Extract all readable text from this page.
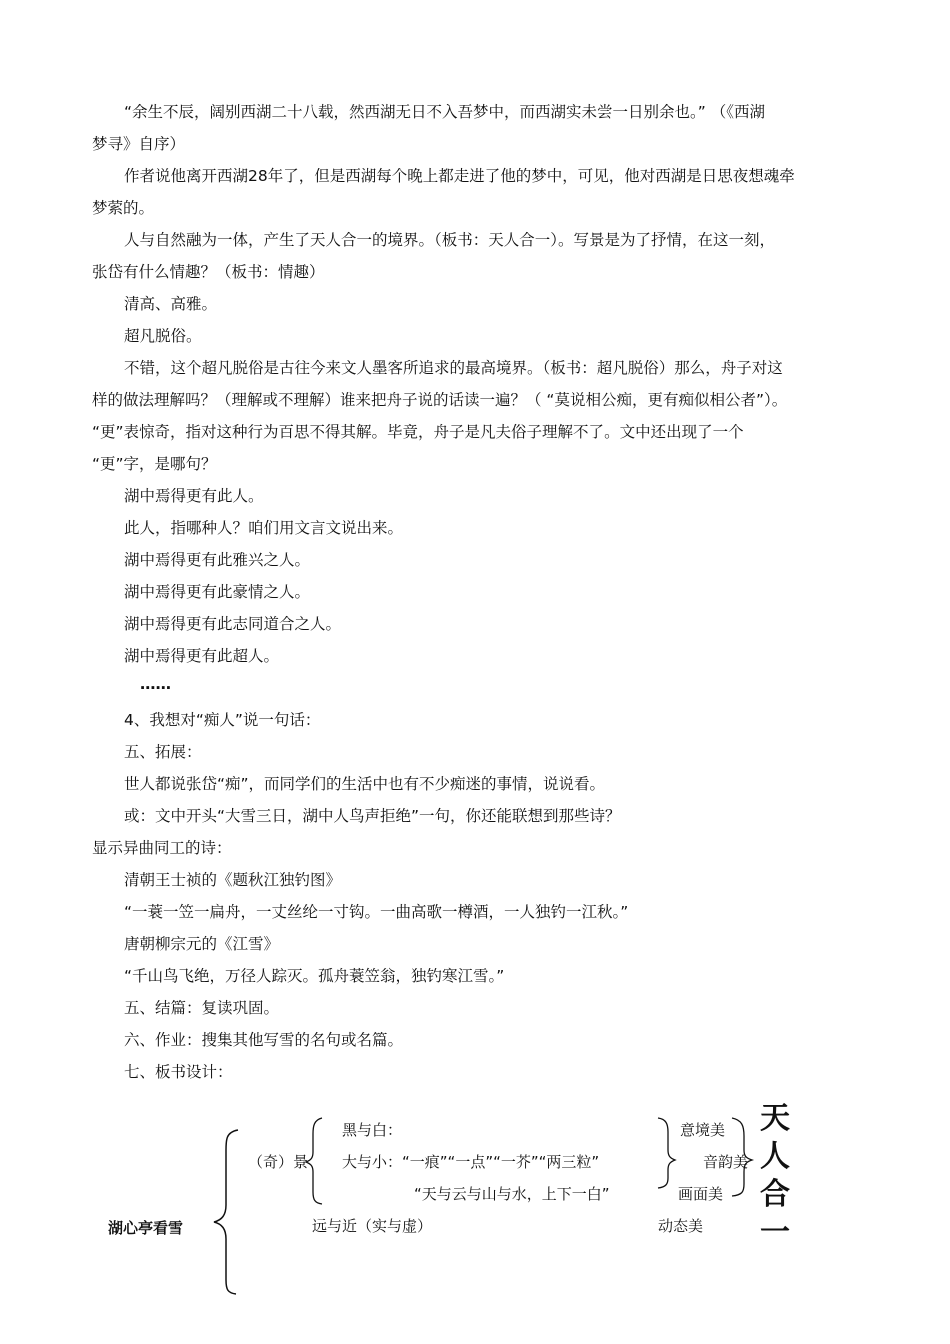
“余生不辰，阔别西湖二十八载，然西湖无日不入吾梦中，而西湖实未尝一日别余也。” （《西湖
梦寻》自序）
作者说他离开西湖28年了，但是西湖每个晚上都走进了他的梦中，可见，他对西湖是日思夜想魂牵
梦萦的。
人与自然融为一体，产生了天人合一的境界。（板书：天人合一）。写景是为了抒情，在这一刻，
张岱有什么情趣？（板书：情趣）
清高、高雅。
超凡脱俗。
不错，这个超凡脱俗是古往今来文人墨客所追求的最高境界。（板书：超凡脱俗）那么，舟子对这
样的做法理解吗？（理解或不理解）谁来把舟子说的话读一遍？（ “莫说相公痴，更有痴似相公者”）。
“更”表惊奇，指对这种行为百思不得其解。毕竟，舟子是凡夫俗子理解不了。文中还出现了一个
“更”字，是哪句？
湖中焉得更有此人。
此人，指哪种人？咱们用文言文说出来。
湖中焉得更有此雅兴之人。
湖中焉得更有此豪情之人。
湖中焉得更有此志同道合之人。
湖中焉得更有此超人。
……
4、我想对“痴人”说一句话：
五、拓展：
世人都说张岱“痴”，而同学们的生活中也有不少痴迷的事情，说说看。
或：文中开头“大雪三日，湖中人鸟声拒绝”一句，你还能联想到那些诗？
显示异曲同工的诗：
清朝王士祯的《题秋江独钓图》
“一蓑一笠一扁舟，一丈丝纶一寸钩。一曲高歌一樽酒，一人独钓一江秋。”
唐朝柳宗元的《江雪》
“千山鸟飞绝，万径人踪灭。孤舟蓑笠翁，独钓寒江雪。”
五、结篇：复读巩固。
六、作业：搜集其他写雪的名句或名篇。
七、板书设计：
湖心亭看雪
（奇）景
黑与白：
大与小：“一痕”“一点”“一芥”“两三粒”
“天与云与山与水，上下一白”
远与近（实与虚）
意境美
音韵美
画面美
动态美
天
人
合
一
